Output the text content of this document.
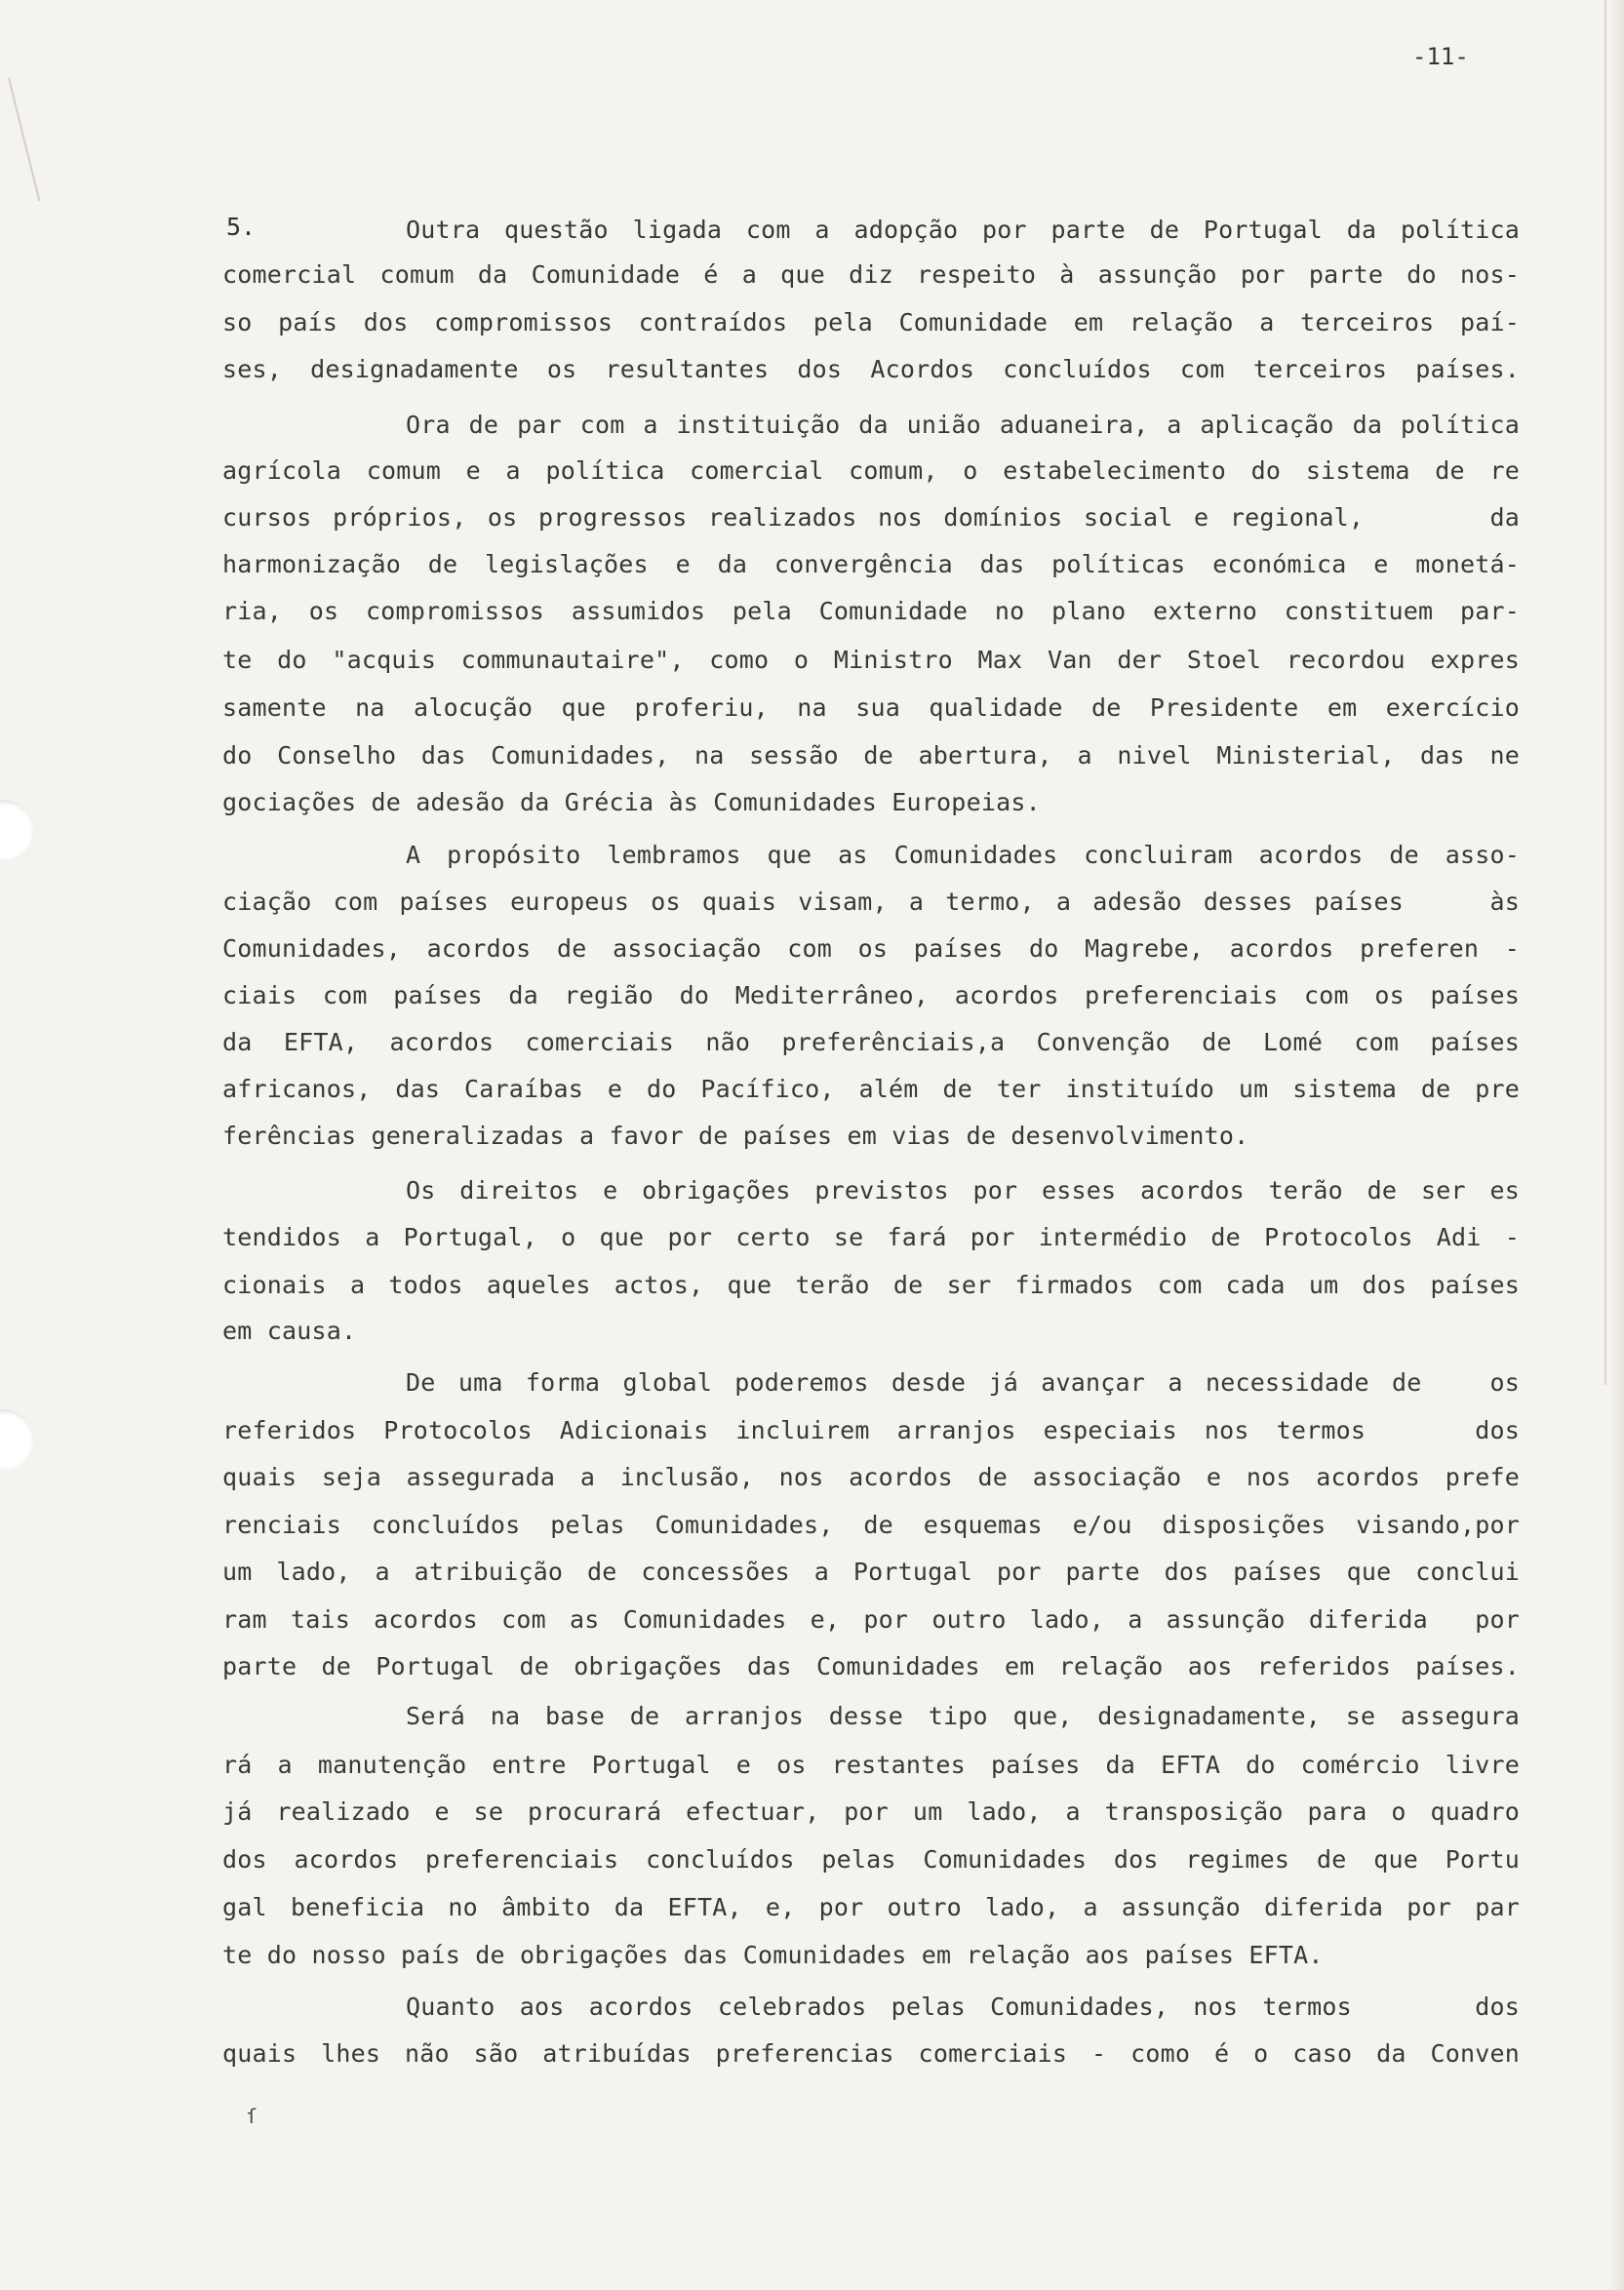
-11-
5.	Outra questão ligada com a adopção por parte de Portugal da política
comercial comum da Comunidade é a que diz respeito à assunção por parte do nos-
so país dos compromissos contraídos pela Comunidade em relação a terceiros paí-
ses, designadamente os resultantes dos Acordos concluídos com terceiros países.
Ora de par com a instituição da união aduaneira, a aplicação da política
agrícola comum e a política comercial comum, o estabelecimento do sistema de re
cursos próprios, os progressos realizados nos domínios social e regional,      da
harmonização de legislações e da convergência das políticas económica e monetá-
ria, os compromissos assumidos pela Comunidade no plano externo constituem par-
te do "acquis communautaire", como o Ministro Max Van der Stoel recordou expres
samente na alocução que proferiu, na sua qualidade de Presidente em exercício
do Conselho das Comunidades, na sessão de abertura, a nivel Ministerial, das ne
gociações de adesão da Grécia às Comunidades Europeias.
A propósito lembramos que as Comunidades concluiram acordos de asso-
ciação com países europeus os quais visam, a termo, a adesão desses países    às
Comunidades, acordos de associação com os países do Magrebe, acordos preferen -
ciais com países da região do Mediterrâneo, acordos preferenciais com os países
da EFTA, acordos comerciais não preferênciais,a Convenção de Lomé com países
africanos, das Caraíbas e do Pacífico, além de ter instituído um sistema de pre
ferências generalizadas a favor de países em vias de desenvolvimento.
Os direitos e obrigações previstos por esses acordos terão de ser es
tendidos a Portugal, o que por certo se fará por intermédio de Protocolos Adi -
cionais a todos aqueles actos, que terão de ser firmados com cada um dos países
em causa.
De uma forma global poderemos desde já avançar a necessidade de   os
referidos Protocolos Adicionais incluirem arranjos especiais nos termos    dos
quais seja assegurada a inclusão, nos acordos de associação e nos acordos prefe
renciais concluídos pelas Comunidades, de esquemas e/ou disposições visando,por
um lado, a atribuição de concessões a Portugal por parte dos países que conclui
ram tais acordos com as Comunidades e, por outro lado, a assunção diferida  por
parte de Portugal de obrigações das Comunidades em relação aos referidos países.
Será na base de arranjos desse tipo que, designadamente, se assegura
rá a manutenção entre Portugal e os restantes países da EFTA do comércio livre
já realizado e se procurará efectuar, por um lado, a transposição para o quadro
dos acordos preferenciais concluídos pelas Comunidades dos regimes de que Portu
gal beneficia no âmbito da EFTA, e, por outro lado, a assunção diferida por par
te do nosso país de obrigações das Comunidades em relação aos países EFTA.
Quanto aos acordos celebrados pelas Comunidades, nos termos     dos
quais lhes não são atribuídas preferencias comerciais - como é o caso da Conven
ſ
